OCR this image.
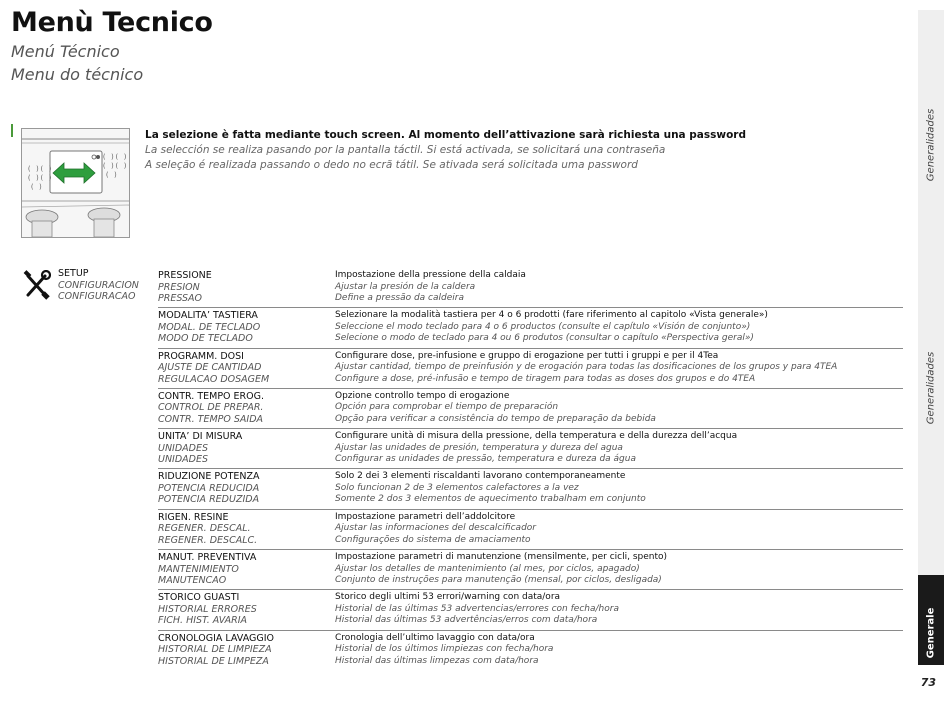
Menù Tecnico
Menú Técnico
Menu do técnico
Generalidades
Generalidades
Generale
73
( )( )
( )( )
( )
( )( )
( )( )
( )
La selezione è fatta mediante touch screen. Al momento dell’attivazione sarà richiesta una password
La selección se realiza pasando por la pantalla táctil. Si está activada, se solicitará una contraseña
A seleção é realizada passando o dedo no ecrã tátil. Se ativada será solicitada uma password
SETUP
CONFIGURACION
CONFIGURACAO
PRESSIONE
PRESION
PRESSAO
Impostazione della pressione della caldaia
Ajustar la presión de la caldera
Define a pressão da caldeira
MODALITA’ TASTIERA
MODAL. DE TECLADO
MODO DE TECLADO
Selezionare la modalità tastiera per 4 o 6 prodotti (fare riferimento al capitolo «Vista generale»)
Seleccione el modo teclado para 4 o 6 productos (consulte el capítulo «Visión de conjunto»)
Selecione o modo de teclado para 4 ou 6 produtos (consultar o capítulo «Perspectiva geral»)
PROGRAMM. DOSI
AJUSTE DE CANTIDAD
REGULACAO DOSAGEM
Configurare dose, pre-infusione e gruppo di erogazione per tutti i gruppi e per il 4Tea
Ajustar cantidad, tiempo de preinfusión y de erogación para todas las dosificaciones de los grupos y para 4TEA
Configure a dose, pré-infusão e tempo de tiragem para todas as doses dos grupos e do 4TEA
CONTR. TEMPO EROG.
CONTROL DE PREPAR.
CONTR. TEMPO SAIDA
Opzione controllo tempo di erogazione
Opción para comprobar el tiempo de preparación
Opção para verificar a consistência do tempo de preparação da bebida
UNITA’ DI MISURA
UNIDADES
UNIDADES
Configurare unità di misura della pressione, della temperatura e della durezza dell’acqua
Ajustar las unidades de presión, temperatura y dureza del agua
Configurar as unidades de pressão, temperatura e dureza da água
RIDUZIONE POTENZA
POTENCIA REDUCIDA
POTENCIA REDUZIDA
Solo 2 dei 3 elementi riscaldanti lavorano contemporaneamente
Solo funcionan 2 de 3 elementos calefactores a la vez
Somente 2 dos 3 elementos de aquecimento trabalham em conjunto
RIGEN. RESINE
REGENER. DESCAL.
REGENER. DESCALC.
Impostazione parametri dell’addolcitore
Ajustar las informaciones del descalcificador
Configurações do sistema de amaciamento
MANUT. PREVENTIVA
MANTENIMIENTO
MANUTENCAO
Impostazione parametri di manutenzione (mensilmente, per cicli, spento)
Ajustar los detalles de mantenimiento (al mes, por ciclos, apagado)
Conjunto de instruções para manutenção (mensal, por ciclos, desligada)
STORICO GUASTI
HISTORIAL ERRORES
FICH. HIST. AVARIA
Storico degli ultimi 53 errori/warning con data/ora
Historial de las últimas 53 advertencias/errores con fecha/hora
Historial das últimas 53 advertências/erros com data/hora
CRONOLOGIA LAVAGGIO
HISTORIAL DE LIMPIEZA
HISTORIAL DE LIMPEZA
Cronologia dell’ultimo lavaggio con data/ora
Historial de los últimos limpiezas con fecha/hora
Historial das últimas limpezas com data/hora
